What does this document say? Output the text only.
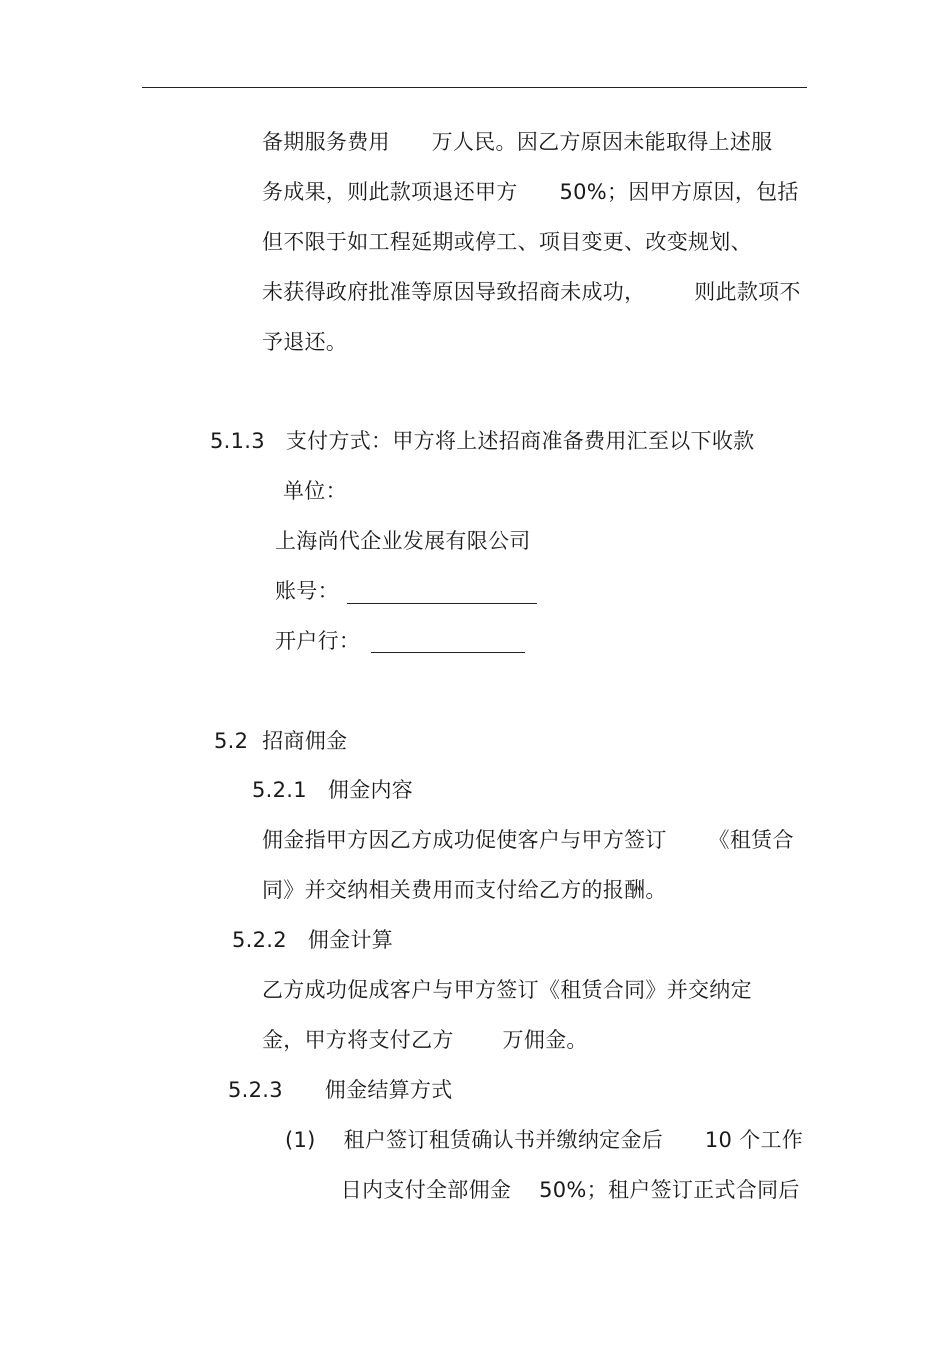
备期服务费用      万人民。因乙方原因未能取得上述服
务成果，则此款项退还甲方      50%；因甲方原因，包括
但不限于如工程延期或停工、项目变更、改变规划、
未获得政府批准等原因导致招商未成功，       则此款项不
予退还。
5.1.3   支付方式：甲方将上述招商准备费用汇至以下收款
单位：
上海尚代企业发展有限公司
账号：
开户行：
5.2  招商佣金
5.2.1   佣金内容
佣金指甲方因乙方成功促使客户与甲方签订      《租赁合
同》并交纳相关费用而支付给乙方的报酬。
5.2.2   佣金计算
乙方成功促成客户与甲方签订《租赁合同》并交纳定
金，甲方将支付乙方       万佣金。
5.2.3      佣金结算方式
(1)    租户签订租赁确认书并缴纳定金后      10 个工作
日内支付全部佣金    50%；租户签订正式合同后
